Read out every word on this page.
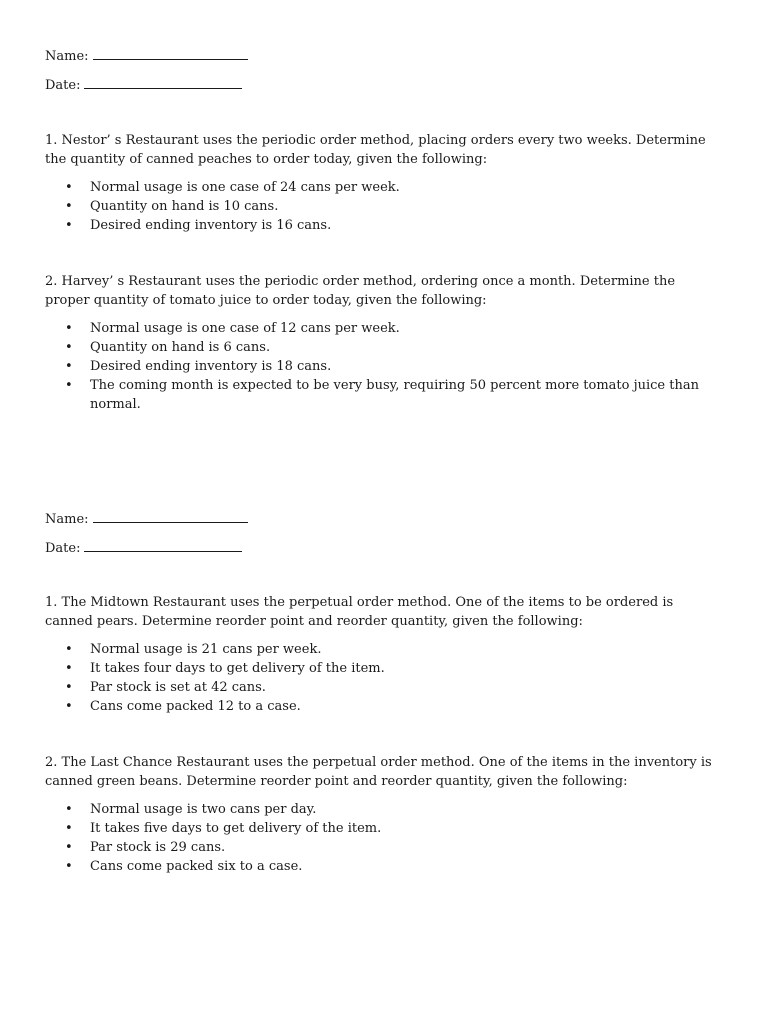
Name:
Date:

1. Nestor’ s Restaurant uses the periodic order method, placing orders every two weeks. Determine the quantity of canned peaches to order today, given the following:

• Normal usage is one case of 24 cans per week.
• Quantity on hand is 10 cans.
• Desired ending inventory is 16 cans.

2. Harvey’ s Restaurant uses the periodic order method, ordering once a month. Determine the proper quantity of tomato juice to order today, given the following:

• Normal usage is one case of 12 cans per week.
• Quantity on hand is 6 cans.
• Desired ending inventory is 18 cans.
• The coming month is expected to be very busy, requiring 50 percent more tomato juice than normal.
Name:
Date:

1. The Midtown Restaurant uses the perpetual order method. One of the items to be ordered is canned pears. Determine reorder point and reorder quantity, given the following:

• Normal usage is 21 cans per week.
• It takes four days to get delivery of the item.
• Par stock is set at 42 cans.
• Cans come packed 12 to a case.

2. The Last Chance Restaurant uses the perpetual order method. One of the items in the inventory is canned green beans. Determine reorder point and reorder quantity, given the following:

• Normal usage is two cans per day.
• It takes five days to get delivery of the item.
• Par stock is 29 cans.
• Cans come packed six to a case.
